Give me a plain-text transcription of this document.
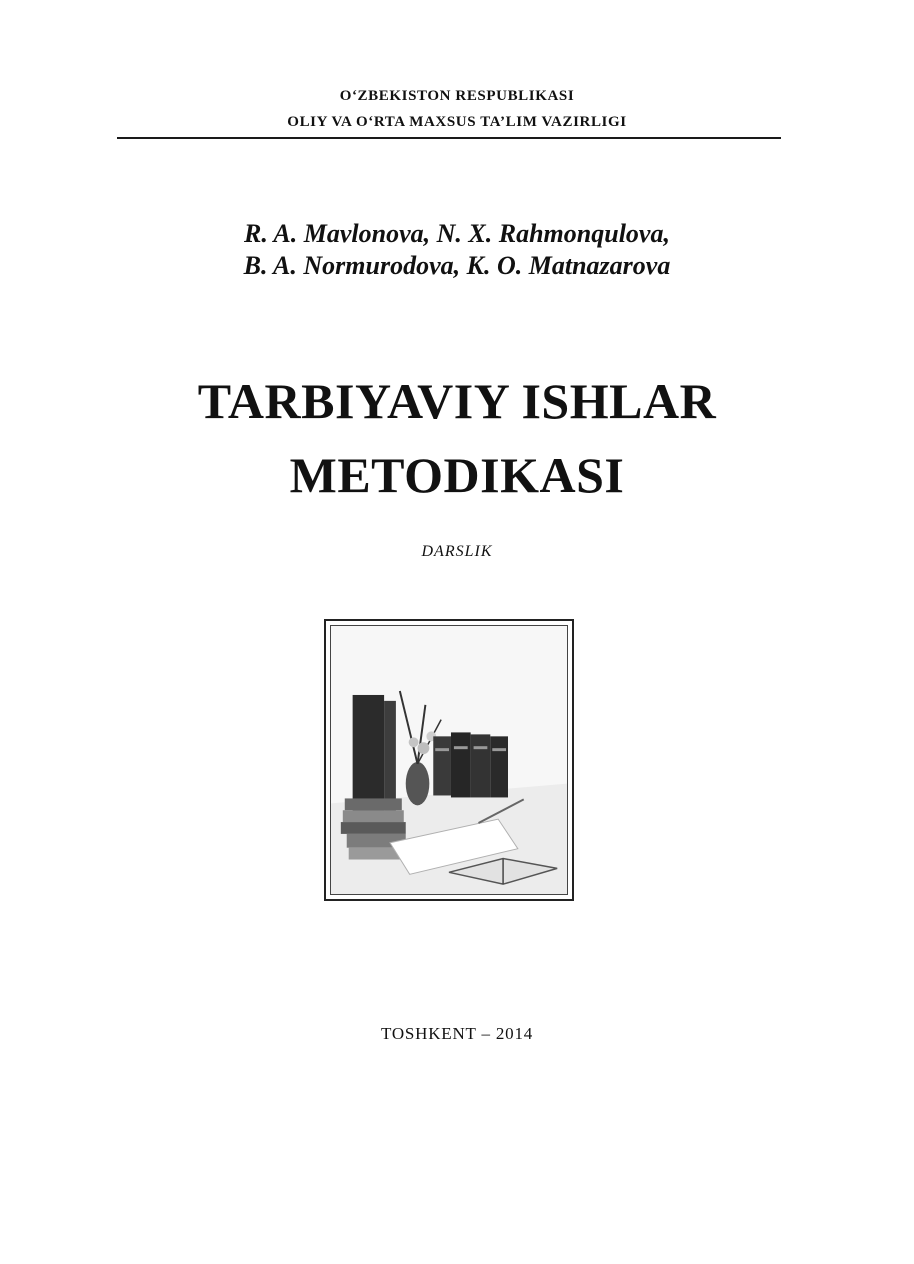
O‘ZBEKISTON RESPUBLIKASI
OLIY VA O‘RTA MAXSUS TA’LIM VAZIRLIGI
R. A. Mavlonova, N. X. Rahmonqulova,
B. A. Normurodova, K. O. Matnazarova
TARBIYAVIY ISHLAR
METODIKASI
DARSLIK
TOSHKENT – 2014
